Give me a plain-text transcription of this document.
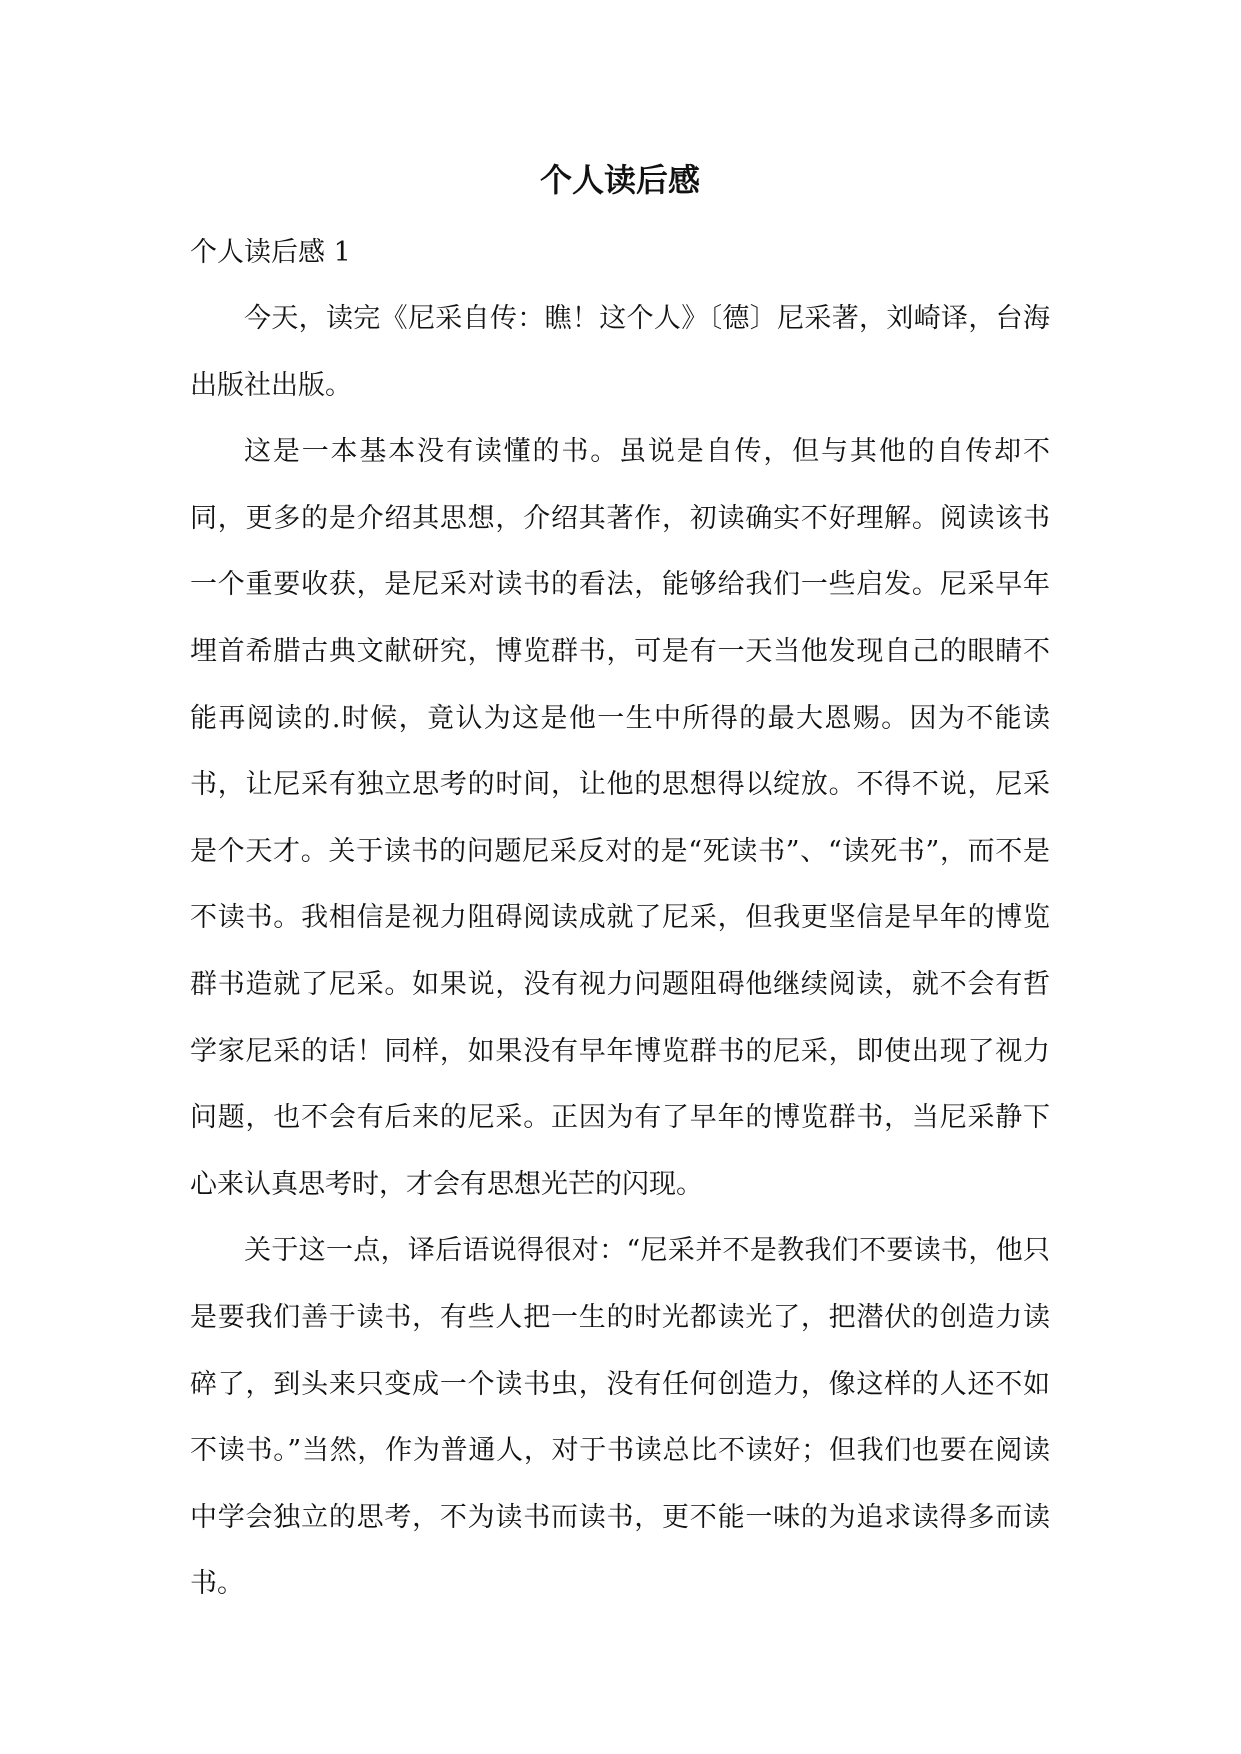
个人读后感

个人读后感 1

今天，读完《尼采自传：瞧！这个人》〔德〕尼采著，刘崎译，台海出版社出版。

这是一本基本没有读懂的书。虽说是自传，但与其他的自传却不同，更多的是介绍其思想，介绍其著作，初读确实不好理解。阅读该书一个重要收获，是尼采对读书的看法，能够给我们一些启发。尼采早年埋首希腊古典文献研究，博览群书，可是有一天当他发现自己的眼睛不能再阅读的.时候，竟认为这是他一生中所得的最大恩赐。因为不能读书，让尼采有独立思考的时间，让他的思想得以绽放。不得不说，尼采是个天才。关于读书的问题尼采反对的是“死读书”、“读死书”，而不是不读书。我相信是视力阻碍阅读成就了尼采，但我更坚信是早年的博览群书造就了尼采。如果说，没有视力问题阻碍他继续阅读，就不会有哲学家尼采的话！同样，如果没有早年博览群书的尼采，即使出现了视力问题，也不会有后来的尼采。正因为有了早年的博览群书，当尼采静下心来认真思考时，才会有思想光芒的闪现。

关于这一点，译后语说得很对：“尼采并不是教我们不要读书，他只是要我们善于读书，有些人把一生的时光都读光了，把潜伏的创造力读碎了，到头来只变成一个读书虫，没有任何创造力，像这样的人还不如不读书。”当然，作为普通人，对于书读总比不读好；但我们也要在阅读中学会独立的思考，不为读书而读书，更不能一味的为追求读得多而读书。
